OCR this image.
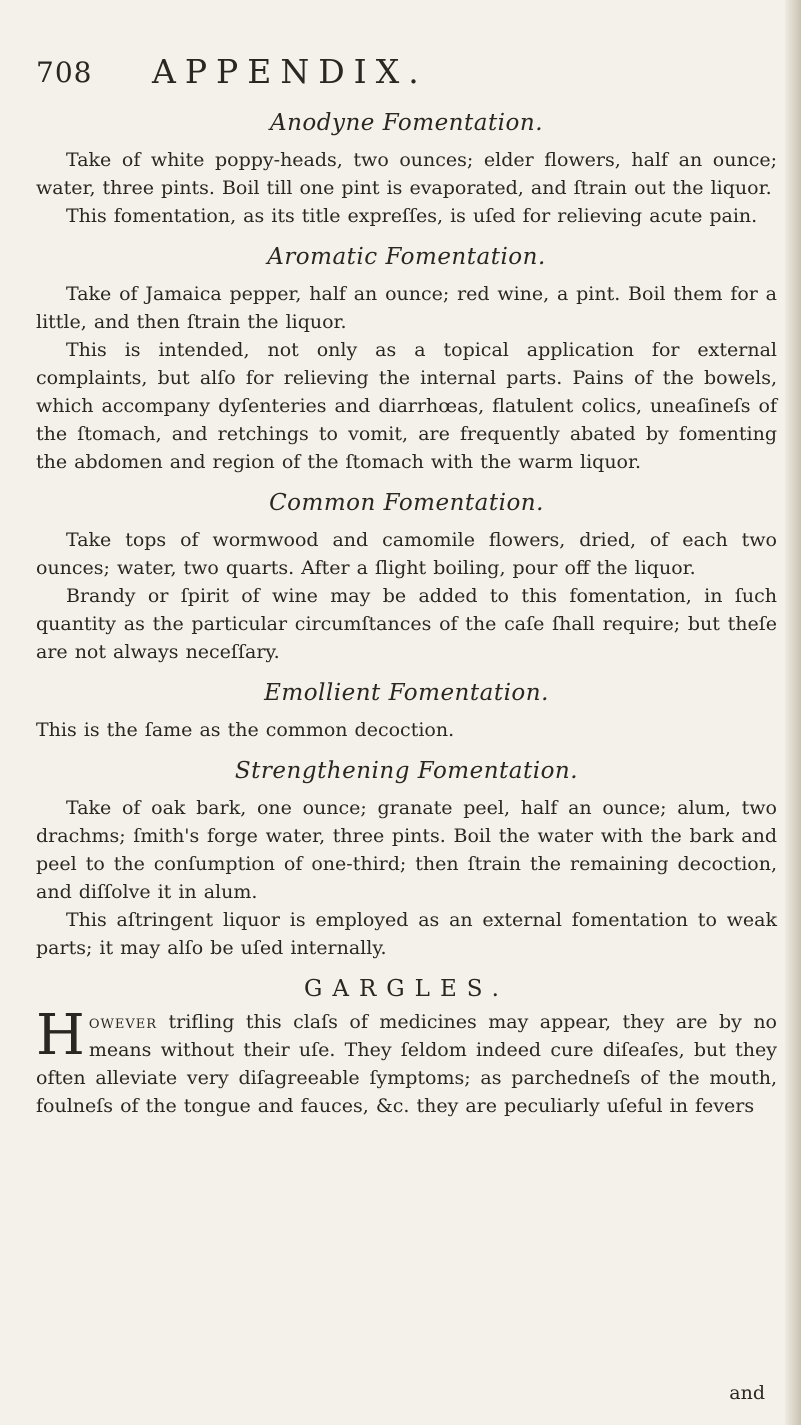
708 APPENDIX.
Anodyne Fomentation.

Take of white poppy-heads, two ounces; elder flowers, half an ounce; water, three pints. Boil till one pint is evaporated, and ſtrain out the liquor.

This fomentation, as its title expreſſes, is uſed for relieving acute pain.

Aromatic Fomentation.

Take of Jamaica pepper, half an ounce; red wine, a pint. Boil them for a little, and then ſtrain the liquor.

This is intended, not only as a topical application for external complaints, but alſo for relieving the internal parts. Pains of the bowels, which accompany dyſenteries and diarrhœas, flatulent colics, uneaſineſs of the ſtomach, and retchings to vomit, are frequently abated by fomenting the abdomen and region of the ſtomach with the warm liquor.

Common Fomentation.

Take tops of wormwood and camomile flowers, dried, of each two ounces; water, two quarts. After a ſlight boiling, pour off the liquor.

Brandy or ſpirit of wine may be added to this fomentation, in ſuch quantity as the particular circumſtances of the caſe ſhall require; but theſe are not always neceſſary.

Emollient Fomentation.

This is the ſame as the common decoction.

Strengthening Fomentation.

Take of oak bark, one ounce; granate peel, half an ounce; alum, two drachms; ſmith's forge water, three pints. Boil the water with the bark and peel to the conſumption of one-third; then ſtrain the remaining decoction, and diſſolve it in alum.

This aſtringent liquor is employed as an external fomentation to weak parts; it may alſo be uſed internally.

GARGLES.

However trifling this claſs of medicines may appear, they are by no means without their uſe. They ſeldom indeed cure diſeaſes, but they often alleviate very diſagreeable ſymptoms; as parchedneſs of the mouth, foulneſs of the tongue and fauces, &c. they are peculiarly uſeful in fevers

and
